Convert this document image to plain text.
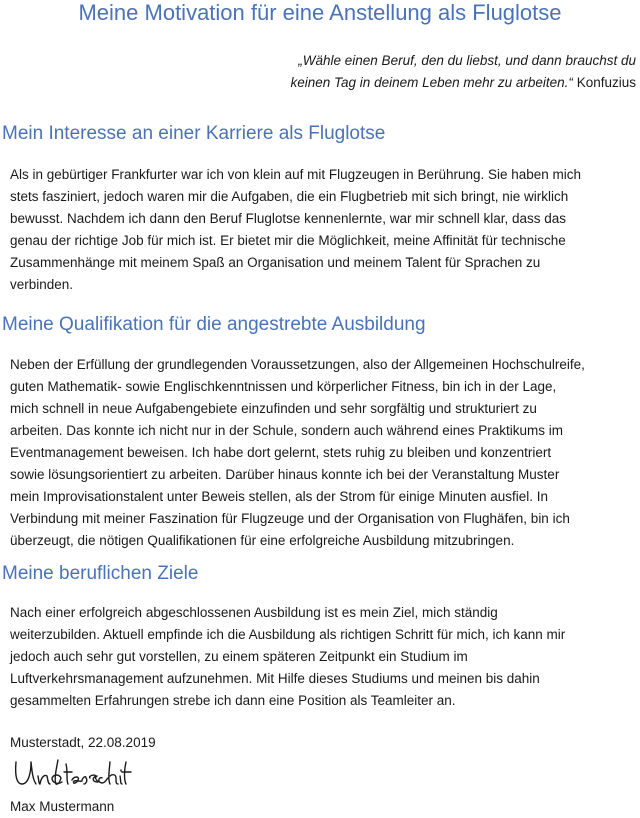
Meine Motivation für eine Anstellung als Fluglotse

„Wähle einen Beruf, den du liebst, und dann brauchst du
keinen Tag in deinem Leben mehr zu arbeiten.“ Konfuzius

Mein Interesse an einer Karriere als Fluglotse

Als in gebürtiger Frankfurter war ich von klein auf mit Flugzeugen in Berührung. Sie haben mich
stets fasziniert, jedoch waren mir die Aufgaben, die ein Flugbetrieb mit sich bringt, nie wirklich
bewusst. Nachdem ich dann den Beruf Fluglotse kennenlernte, war mir schnell klar, dass das
genau der richtige Job für mich ist. Er bietet mir die Möglichkeit, meine Affinität für technische
Zusammenhänge mit meinem Spaß an Organisation und meinem Talent für Sprachen zu
verbinden.

Meine Qualifikation für die angestrebte Ausbildung

Neben der Erfüllung der grundlegenden Voraussetzungen, also der Allgemeinen Hochschulreife,
guten Mathematik- sowie Englischkenntnissen und körperlicher Fitness, bin ich in der Lage,
mich schnell in neue Aufgabengebiete einzufinden und sehr sorgfältig und strukturiert zu
arbeiten. Das konnte ich nicht nur in der Schule, sondern auch während eines Praktikums im
Eventmanagement beweisen. Ich habe dort gelernt, stets ruhig zu bleiben und konzentriert
sowie lösungsorientiert zu arbeiten. Darüber hinaus konnte ich bei der Veranstaltung Muster
mein Improvisationstalent unter Beweis stellen, als der Strom für einige Minuten ausfiel. In
Verbindung mit meiner Faszination für Flugzeuge und der Organisation von Flughäfen, bin ich
überzeugt, die nötigen Qualifikationen für eine erfolgreiche Ausbildung mitzubringen.

Meine beruflichen Ziele

Nach einer erfolgreich abgeschlossenen Ausbildung ist es mein Ziel, mich ständig
weiterzubilden. Aktuell empfinde ich die Ausbildung als richtigen Schritt für mich, ich kann mir
jedoch auch sehr gut vorstellen, zu einem späteren Zeitpunkt ein Studium im
Luftverkehrsmanagement aufzunehmen. Mit Hilfe dieses Studiums und meinen bis dahin
gesammelten Erfahrungen strebe ich dann eine Position als Teamleiter an.

Musterstadt, 22.08.2019

Max Mustermann
